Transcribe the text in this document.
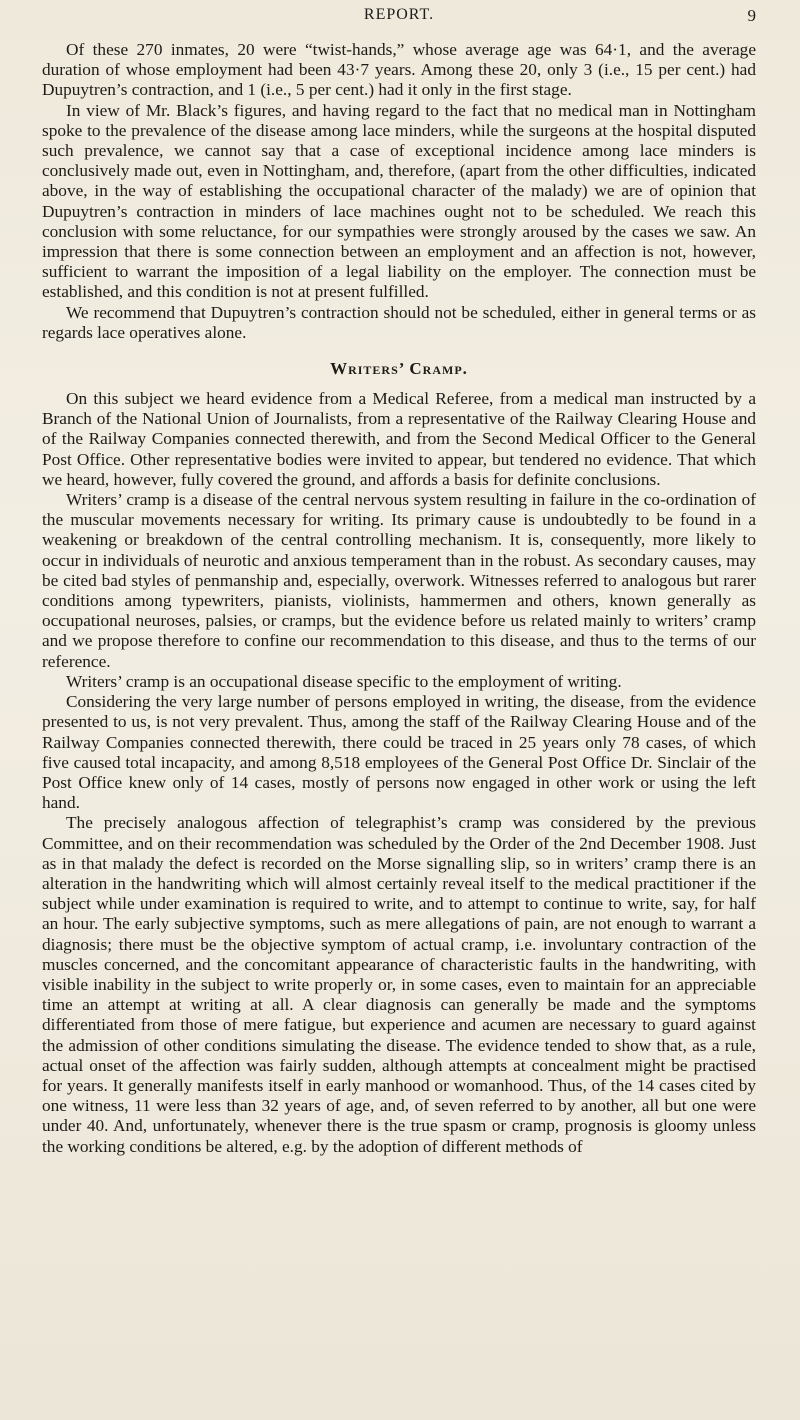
REPORT.	9

Of these 270 inmates, 20 were “twist-hands,” whose average age was 64·1, and the average duration of whose employment had been 43·7 years. Among these 20, only 3 (i.e., 15 per cent.) had Dupuytren’s contraction, and 1 (i.e., 5 per cent.) had it only in the first stage.

In view of Mr. Black’s figures, and having regard to the fact that no medical man in Nottingham spoke to the prevalence of the disease among lace minders, while the surgeons at the hospital disputed such prevalence, we cannot say that a case of exceptional incidence among lace minders is conclusively made out, even in Nottingham, and, therefore, (apart from the other difficulties, indicated above, in the way of establishing the occupational character of the malady) we are of opinion that Dupuytren’s contraction in minders of lace machines ought not to be scheduled. We reach this conclusion with some reluctance, for our sympathies were strongly aroused by the cases we saw. An impression that there is some connection between an employment and an affection is not, however, sufficient to warrant the imposition of a legal liability on the employer. The connection must be established, and this condition is not at present fulfilled.

We recommend that Dupuytren’s contraction should not be scheduled, either in general terms or as regards lace operatives alone.

Writers’ Cramp.

On this subject we heard evidence from a Medical Referee, from a medical man instructed by a Branch of the National Union of Journalists, from a representative of the Railway Clearing House and of the Railway Companies connected therewith, and from the Second Medical Officer to the General Post Office. Other representative bodies were invited to appear, but tendered no evidence. That which we heard, however, fully covered the ground, and affords a basis for definite conclusions.

Writers’ cramp is a disease of the central nervous system resulting in failure in the co-ordination of the muscular movements necessary for writing. Its primary cause is undoubtedly to be found in a weakening or breakdown of the central controlling mechanism. It is, consequently, more likely to occur in individuals of neurotic and anxious temperament than in the robust. As secondary causes, may be cited bad styles of penmanship and, especially, overwork. Witnesses referred to analogous but rarer conditions among typewriters, pianists, violinists, hammermen and others, known generally as occupational neuroses, palsies, or cramps, but the evidence before us related mainly to writers’ cramp and we propose therefore to confine our recommendation to this disease, and thus to the terms of our reference.

Writers’ cramp is an occupational disease specific to the employment of writing.

Considering the very large number of persons employed in writing, the disease, from the evidence presented to us, is not very prevalent. Thus, among the staff of the Railway Clearing House and of the Railway Companies connected therewith, there could be traced in 25 years only 78 cases, of which five caused total incapacity, and among 8,518 employees of the General Post Office Dr. Sinclair of the Post Office knew only of 14 cases, mostly of persons now engaged in other work or using the left hand.

The precisely analogous affection of telegraphist’s cramp was considered by the previous Committee, and on their recommendation was scheduled by the Order of the 2nd December 1908. Just as in that malady the defect is recorded on the Morse signalling slip, so in writers’ cramp there is an alteration in the handwriting which will almost certainly reveal itself to the medical practitioner if the subject while under examination is required to write, and to attempt to continue to write, say, for half an hour. The early subjective symptoms, such as mere allegations of pain, are not enough to warrant a diagnosis; there must be the objective symptom of actual cramp, i.e. involuntary contraction of the muscles concerned, and the concomitant appearance of characteristic faults in the handwriting, with visible inability in the subject to write properly or, in some cases, even to maintain for an appreciable time an attempt at writing at all. A clear diagnosis can generally be made and the symptoms differentiated from those of mere fatigue, but experience and acumen are necessary to guard against the admission of other conditions simulating the disease. The evidence tended to show that, as a rule, actual onset of the affection was fairly sudden, although attempts at concealment might be practised for years. It generally manifests itself in early manhood or womanhood. Thus, of the 14 cases cited by one witness, 11 were less than 32 years of age, and, of seven referred to by another, all but one were under 40. And, unfortunately, whenever there is the true spasm or cramp, prognosis is gloomy unless the working conditions be altered, e.g. by the adoption of different methods of
